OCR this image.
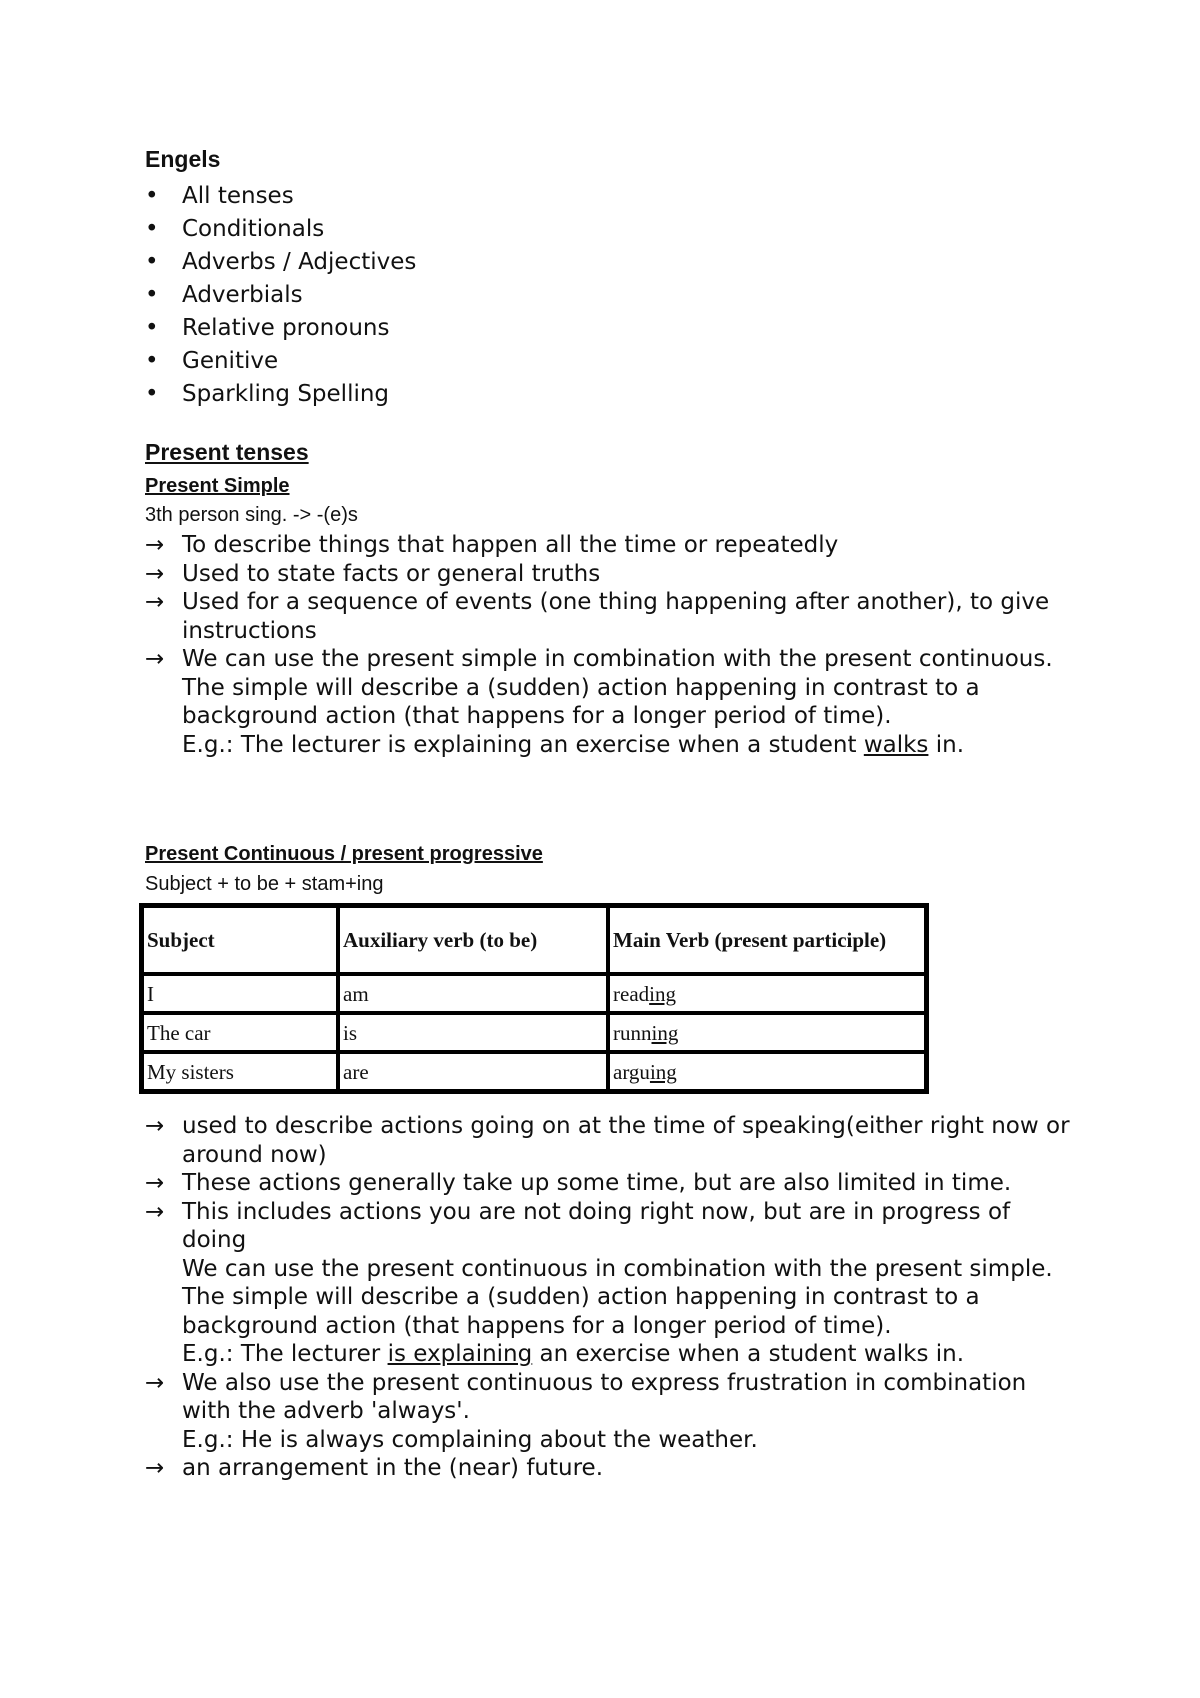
Engels
• All tenses
• Conditionals
• Adverbs / Adjectives
• Adverbials
• Relative pronouns
• Genitive
• Sparkling Spelling
Present tenses
Present Simple
3th person sing. -> -(e)s
→ To describe things that happen all the time or repeatedly
→ Used to state facts or general truths
→ Used for a sequence of events (one thing happening after another), to give instructions
→ We can use the present simple in combination with the present continuous.
The simple will describe a (sudden) action happening in contrast to a background action (that happens for a longer period of time).
E.g.: The lecturer is explaining an exercise when a student walks in.
Present Continuous / present progressive
Subject + to be + stam+ing
Subject	Auxiliary verb (to be)	Main Verb (present participle)
I	am	reading
The car	is	running
My sisters	are	arguing
→ used to describe actions going on at the time of speaking(either right now or around now)
→ These actions generally take up some time, but are also limited in time.
→ This includes actions you are not doing right now, but are in progress of doing
We can use the present continuous in combination with the present simple. The simple will describe a (sudden) action happening in contrast to a background action (that happens for a longer period of time).
E.g.: The lecturer is explaining an exercise when a student walks in.
→ We also use the present continuous to express frustration in combination with the adverb 'always'.
E.g.: He is always complaining about the weather.
→ an arrangement in the (near) future.
